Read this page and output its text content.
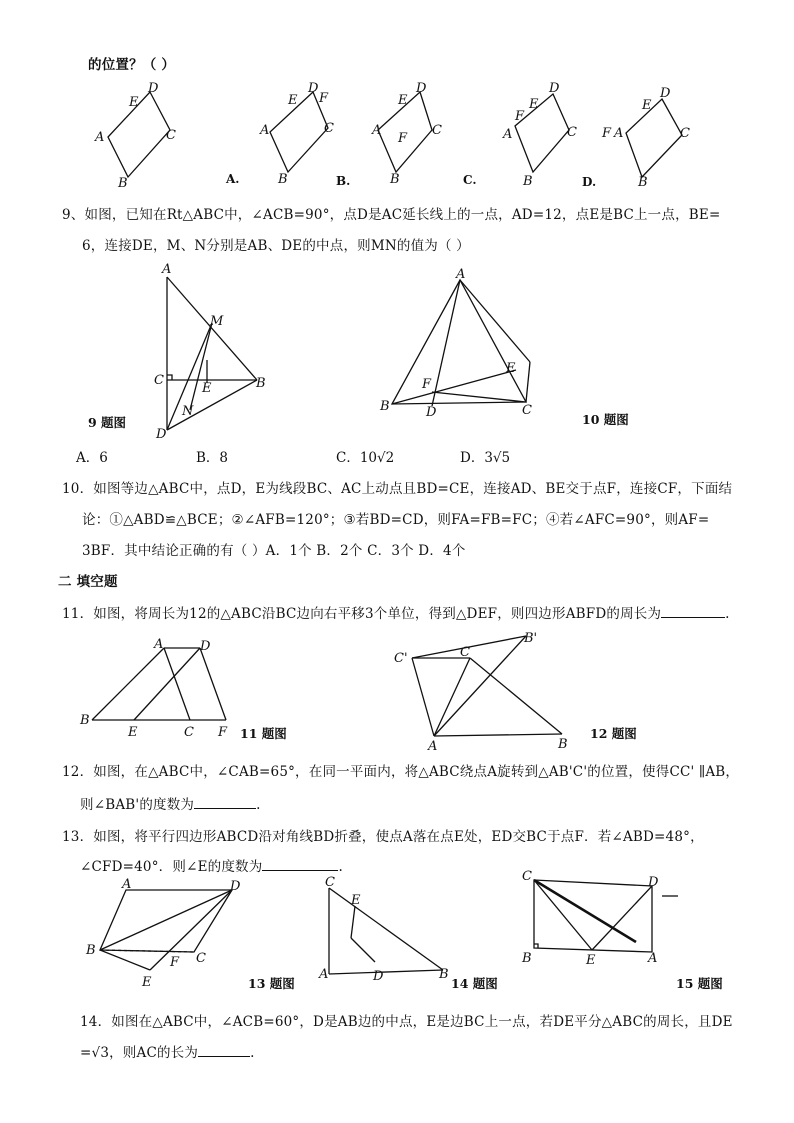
的位置？（ ）
D
E
A	C
B
D
F
E
A	C
B
A.
D
E
F
A	C
B
B.
D
E
F
A	C
B
C.
E
D
F A	C
B
D.
9、如图，已知在Rt△ABC中，∠ACB=90°，点D是AC延长线上的一点，AD=12，点E是BC上一点，BE=
6，连接DE，M、N分别是AB、DE的中点，则MN的值为（ ）
A
M
C
E	B
N
D
9 题图
A．6	B．8	C．10√2	D．3√5
A
F
E
B	D	C
10 题图
10．如图等边△ABC中，点D，E为线段BC、AC上动点且BD=CE，连接AD、BE交于点F，连接CF，下面结
论：①△ABD≌△BCE；②∠AFB=120°；③若BD=CD，则FA=FB=FC；④若∠AFC=90°，则AF=
3BF．其中结论正确的有（ ）A．1个 B．2个 C．3个 D．4个
二 填空题
11．如图，将周长为12的△ABC沿BC边向右平移3个单位，得到△DEF，则四边形ABFD的周长为	.
A	D
B
E	C F 11 题图
C'	C
B'
A	B
12 题图
12．如图，在△ABC中，∠CAB=65°，在同一平面内，将△ABC绕点A旋转到△AB'C'的位置，使得CC' ∥AB，
则∠BAB'的度数为	.
13．如图，将平行四边形ABCD沿对角线BD折叠，使点A落在点E处，ED交BC于点F．若∠ABD=48°，
∠CFD=40°．则∠E的度数为	.
A	D
B
F C
E	13 题图
C
E
A	D	B
14 题图
C	D
B	E	A
15 题图
14．如图在△ABC中，∠ACB=60°，D是AB边的中点，E是边BC上一点，若DE平分△ABC的周长，且DE
=√3，则AC的长为	.
